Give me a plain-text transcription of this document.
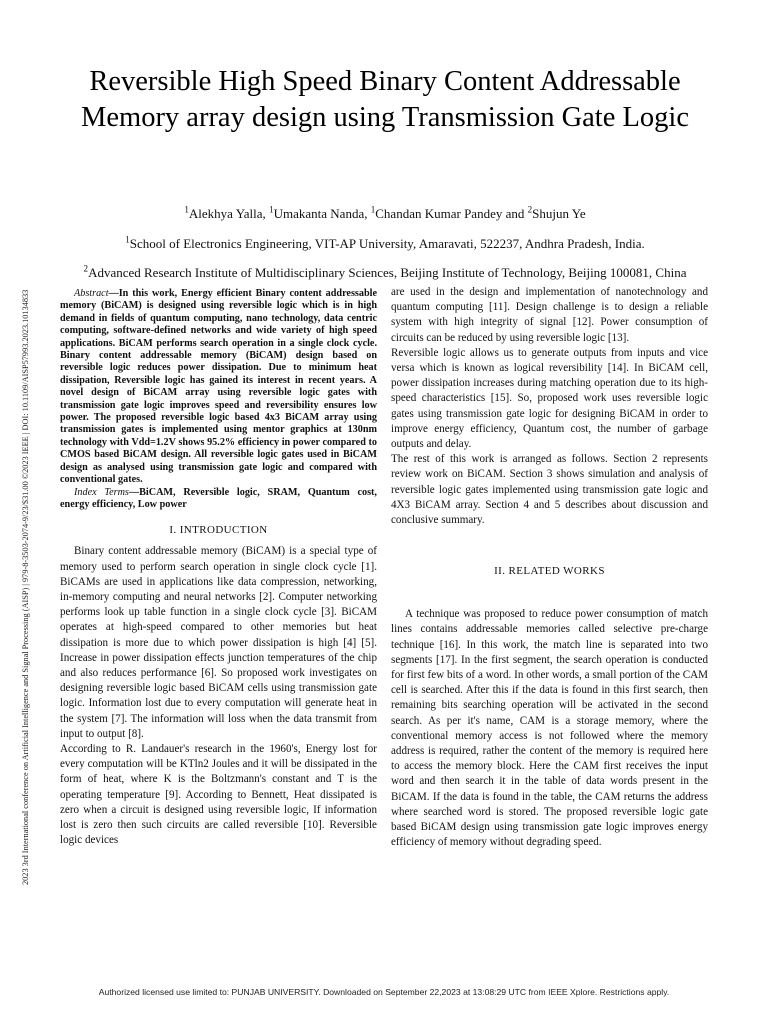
2023 3rd International conference on Artificial Intelligence and Signal Processing (AISP) | 979-8-3503-2074-9/23/$31.00 ©2023 IEEE | DOI: 10.1109/AISP57993.2023.10134833
Reversible High Speed Binary Content Addressable Memory array design using Transmission Gate Logic
$^1$Alekhya Yalla, $^1$Umakanta Nanda, $^1$Chandan Kumar Pandey and $^2$Shujun Ye
$^1$School of Electronics Engineering, VIT-AP University, Amaravati, 522237, Andhra Pradesh, India.
$^2$Advanced Research Institute of Multidisciplinary Sciences, Beijing Institute of Technology, Beijing 100081, China

Abstract—In this work, Energy efficient Binary content addressable memory (BiCAM) is designed using reversible logic which is in high demand in fields of quantum computing, nano technology, data centric computing, software-defined networks and wide variety of high speed applications. BiCAM performs search operation in a single clock cycle. Binary content addressable memory (BiCAM) design based on reversible logic reduces power dissipation. Due to minimum heat dissipation, Reversible logic has gained its interest in recent years. A novel design of BiCAM array using reversible logic gates with transmission gate logic improves speed and reversibility ensures low power. The proposed reversible logic based 4x3 BiCAM array using transmission gates is implemented using mentor graphics at 130nm technology with Vdd=1.2V shows 95.2% efficiency in power compared to CMOS based BiCAM design. All reversible logic gates used in BiCAM design as analysed using transmission gate logic and compared with conventional gates.

Index Terms—BiCAM, Reversible logic, SRAM, Quantum cost, energy efficiency, Low power

I. INTRODUCTION

Binary content addressable memory (BiCAM) is a special type of memory used to perform search operation in single clock cycle [1]. BiCAMs are used in applications like data compression, networking, in-memory computing and neural networks [2]. Computer networking performs look up table function in a single clock cycle [3]. BiCAM operates at high-speed compared to other memories but heat dissipation is more due to which power dissipation is high [4] [5]. Increase in power dissipation effects junction temperatures of the chip and also reduces performance [6]. So proposed work investigates on designing reversible logic based BiCAM cells using transmission gate logic. Information lost due to every computation will generate heat in the system [7]. The information will loss when the data transmit from input to output [8].

According to R. Landauer's research in the 1960's, Energy lost for every computation will be KTln2 Joules and it will be dissipated in the form of heat, where K is the Boltzmann's constant and T is the operating temperature [9]. According to Bennett, Heat dissipated is zero when a circuit is designed using reversible logic, If information lost is zero then such circuits are called reversible [10]. Reversible logic devices

are used in the design and implementation of nanotechnology and quantum computing [11]. Design challenge is to design a reliable system with high integrity of signal [12]. Power consumption of circuits can be reduced by using reversible logic [13].

Reversible logic allows us to generate outputs from inputs and vice versa which is known as logical reversibility [14]. In BiCAM cell, power dissipation increases during matching operation due to its high-speed characteristics [15]. So, proposed work uses reversible logic gates using transmission gate logic for designing BiCAM in order to improve energy efficiency, Quantum cost, the number of garbage outputs and delay.

The rest of this work is arranged as follows. Section 2 represents review work on BiCAM. Section 3 shows simulation and analysis of reversible logic gates implemented using transmission gate logic and 4X3 BiCAM array. Section 4 and 5 describes about discussion and conclusive summary.

II. RELATED WORKS

A technique was proposed to reduce power consumption of match lines contains addressable memories called selective pre-charge technique [16]. In this work, the match line is separated into two segments [17]. In the first segment, the search operation is conducted for first few bits of a word. In other words, a small portion of the CAM cell is searched. After this if the data is found in this first search, then remaining bits searching operation will be activated in the second search. As per it's name, CAM is a storage memory, where the conventional memory access is not followed where the memory address is required, rather the content of the memory is required here to access the memory block. Here the CAM first receives the input word and then search it in the table of data words present in the BiCAM. If the data is found in the table, the CAM returns the address where searched word is stored. The proposed reversible logic gate based BiCAM design using transmission gate logic improves energy efficiency of memory without degrading speed.

Authorized licensed use limited to: PUNJAB UNIVERSITY. Downloaded on September 22,2023 at 13:08:29 UTC from IEEE Xplore. Restrictions apply.
